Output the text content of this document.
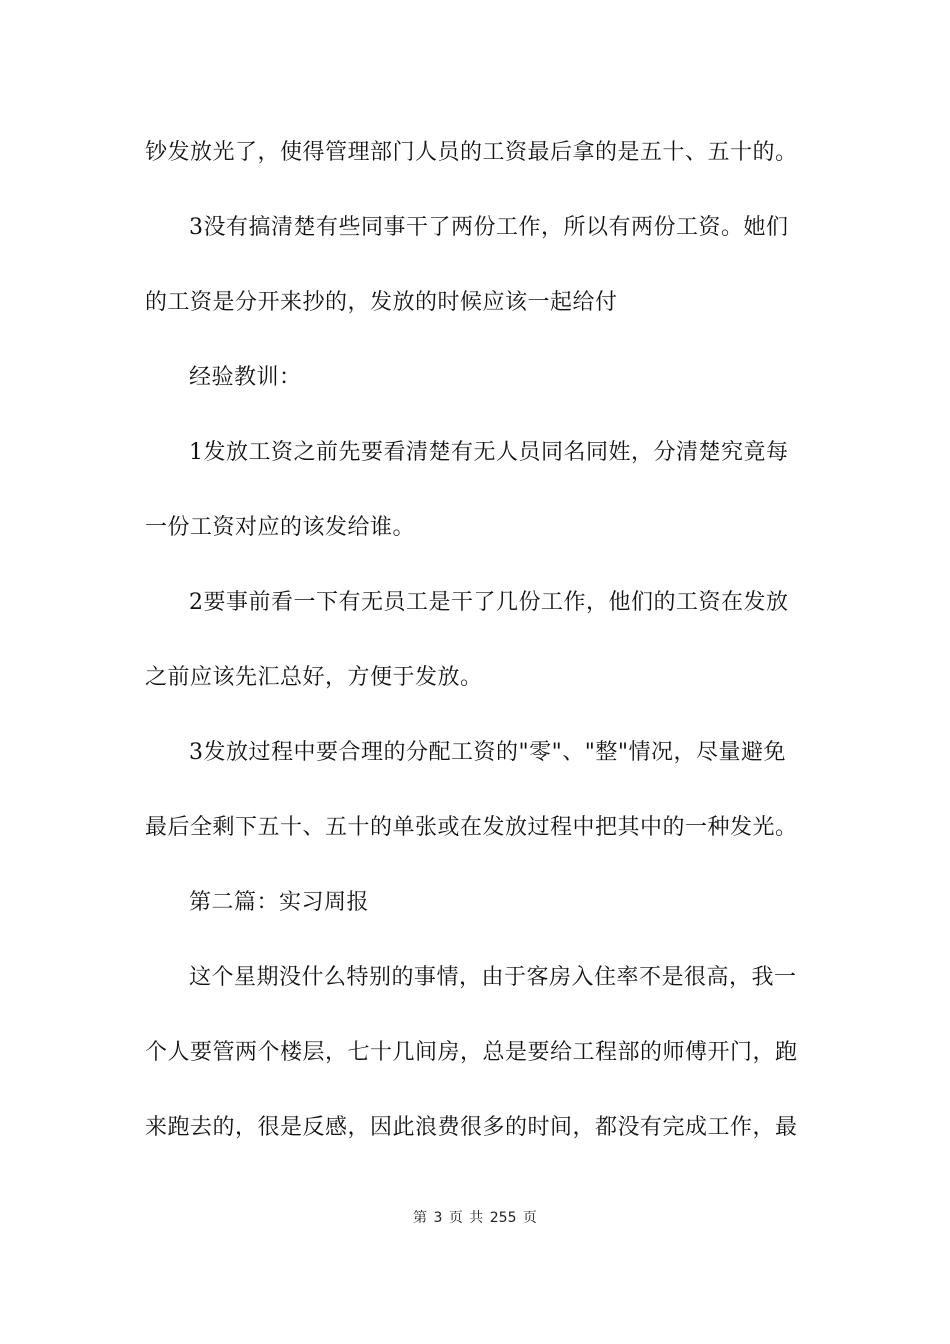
钞发放光了，使得管理部门人员的工资最后拿的是五十、五十的。
3没有搞清楚有些同事干了两份工作，所以有两份工资。她们
的工资是分开来抄的，发放的时候应该一起给付
经验教训：
1发放工资之前先要看清楚有无人员同名同姓，分清楚究竟每
一份工资对应的该发给谁。
2要事前看一下有无员工是干了几份工作，他们的工资在发放
之前应该先汇总好，方便于发放。
3发放过程中要合理的分配工资的"零"、"整"情况，尽量避免
最后全剩下五十、五十的单张或在发放过程中把其中的一种发光。
第二篇：实习周报
这个星期没什么特别的事情，由于客房入住率不是很高，我一
个人要管两个楼层，七十几间房，总是要给工程部的师傅开门，跑
来跑去的，很是反感，因此浪费很多的时间，都没有完成工作，最
第 3 页 共 255 页
